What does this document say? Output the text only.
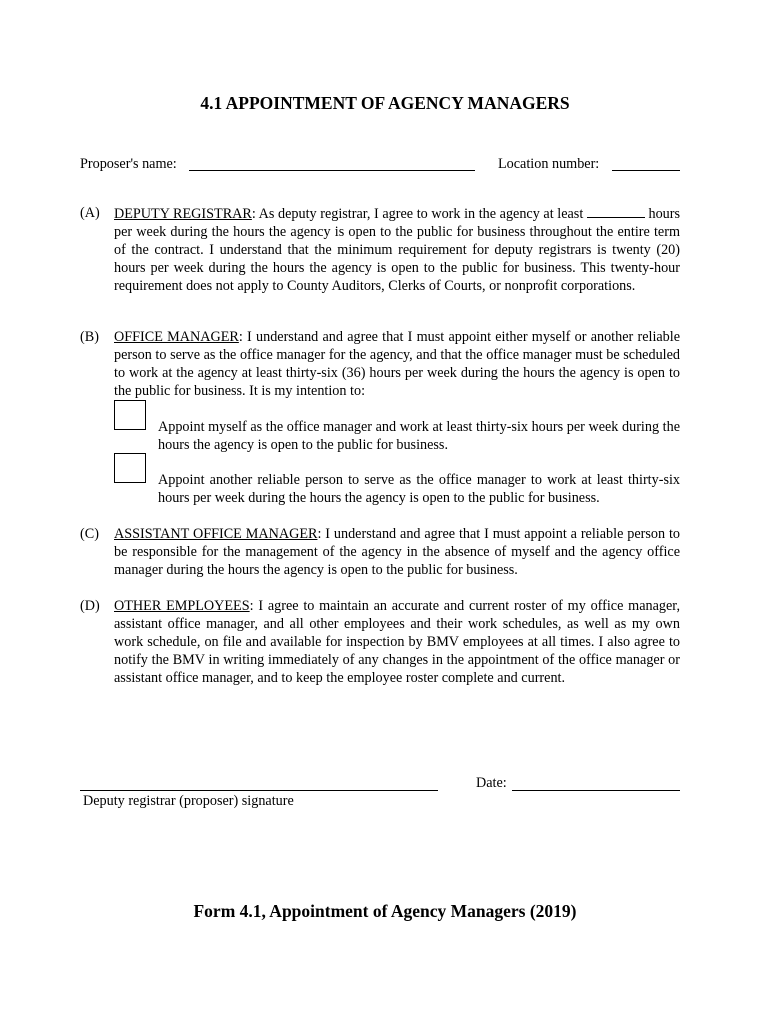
4.1 APPOINTMENT OF AGENCY MANAGERS
Proposer's name:	Location number:
(A)	DEPUTY REGISTRAR: As deputy registrar, I agree to work in the agency at least	hours per week during the hours the agency is open to the public for business throughout the entire term of the contract. I understand that the minimum requirement for deputy registrars is twenty (20) hours per week during the hours the agency is open to the public for business. This twenty-hour requirement does not apply to County Auditors, Clerks of Courts, or nonprofit corporations.
(B)	OFFICE MANAGER: I understand and agree that I must appoint either myself or another reliable person to serve as the office manager for the agency, and that the office manager must be scheduled to work at the agency at least thirty-six (36) hours per week during the hours the agency is open to the public for business. It is my intention to:
Appoint myself as the office manager and work at least thirty-six hours per week during the hours the agency is open to the public for business.
Appoint another reliable person to serve as the office manager to work at least thirty-six hours per week during the hours the agency is open to the public for business.
(C)	ASSISTANT OFFICE MANAGER: I understand and agree that I must appoint a reliable person to be responsible for the management of the agency in the absence of myself and the agency office manager during the hours the agency is open to the public for business.
(D)	OTHER EMPLOYEES: I agree to maintain an accurate and current roster of my office manager, assistant office manager, and all other employees and their work schedules, as well as my own work schedule, on file and available for inspection by BMV employees at all times. I also agree to notify the BMV in writing immediately of any changes in the appointment of the office manager or assistant office manager, and to keep the employee roster complete and current.
Deputy registrar (proposer) signature
Date:
Form 4.1, Appointment of Agency Managers (2019)
